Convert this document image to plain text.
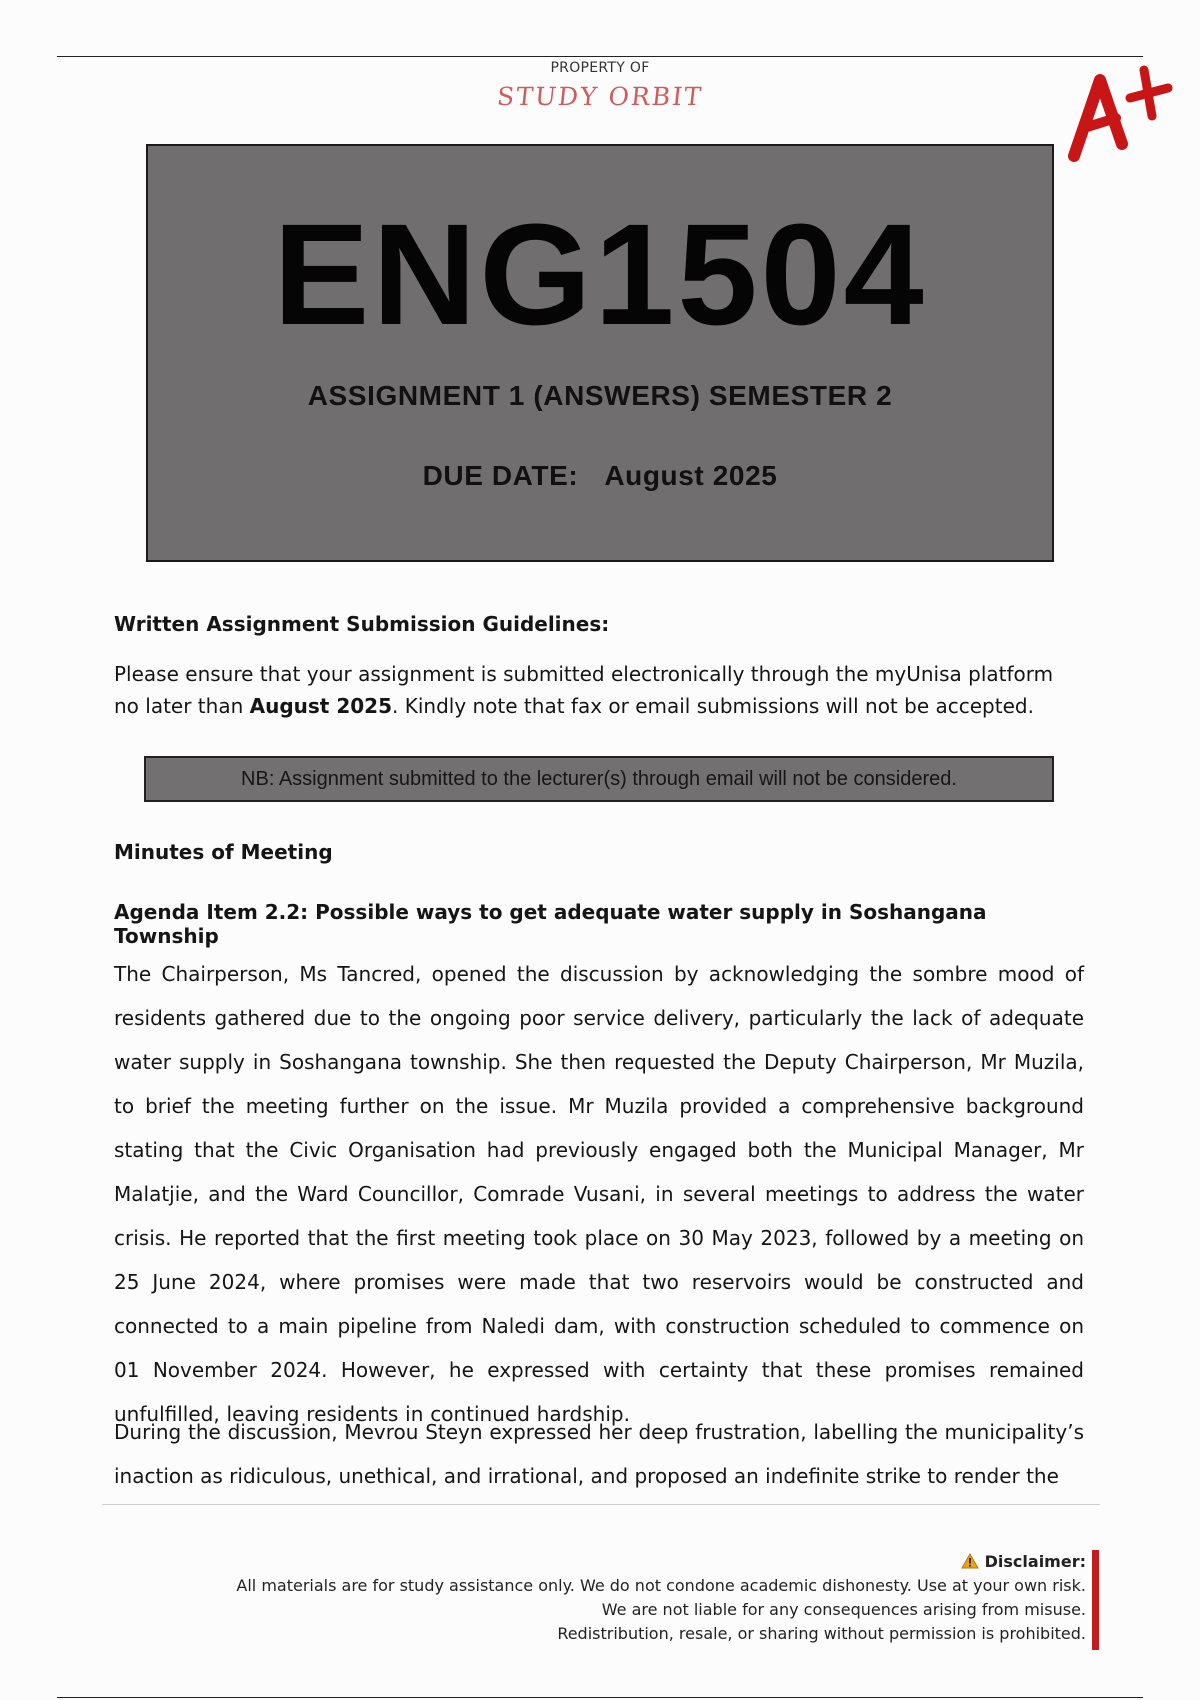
PROPERTY OF
STUDY ORBIT
ENG1504
ASSIGNMENT 1 (ANSWERS) SEMESTER 2
DUE DATE: August 2025
Written Assignment Submission Guidelines:
Please ensure that your assignment is submitted electronically through the myUnisa platform no later than August 2025. Kindly note that fax or email submissions will not be accepted.
NB: Assignment submitted to the lecturer(s) through email will not be considered.
Minutes of Meeting
Agenda Item 2.2: Possible ways to get adequate water supply in Soshangana Township
The Chairperson, Ms Tancred, opened the discussion by acknowledging the sombre mood of residents gathered due to the ongoing poor service delivery, particularly the lack of adequate water supply in Soshangana township. She then requested the Deputy Chairperson, Mr Muzila, to brief the meeting further on the issue. Mr Muzila provided a comprehensive background stating that the Civic Organisation had previously engaged both the Municipal Manager, Mr Malatjie, and the Ward Councillor, Comrade Vusani, in several meetings to address the water crisis. He reported that the first meeting took place on 30 May 2023, followed by a meeting on 25 June 2024, where promises were made that two reservoirs would be constructed and connected to a main pipeline from Naledi dam, with construction scheduled to commence on 01 November 2024. However, he expressed with certainty that these promises remained unfulfilled, leaving residents in continued hardship.
During the discussion, Mevrou Steyn expressed her deep frustration, labelling the municipality’s inaction as ridiculous, unethical, and irrational, and proposed an indefinite strike to render the
Disclaimer:
All materials are for study assistance only. We do not condone academic dishonesty. Use at your own risk.
We are not liable for any consequences arising from misuse.
Redistribution, resale, or sharing without permission is prohibited.
